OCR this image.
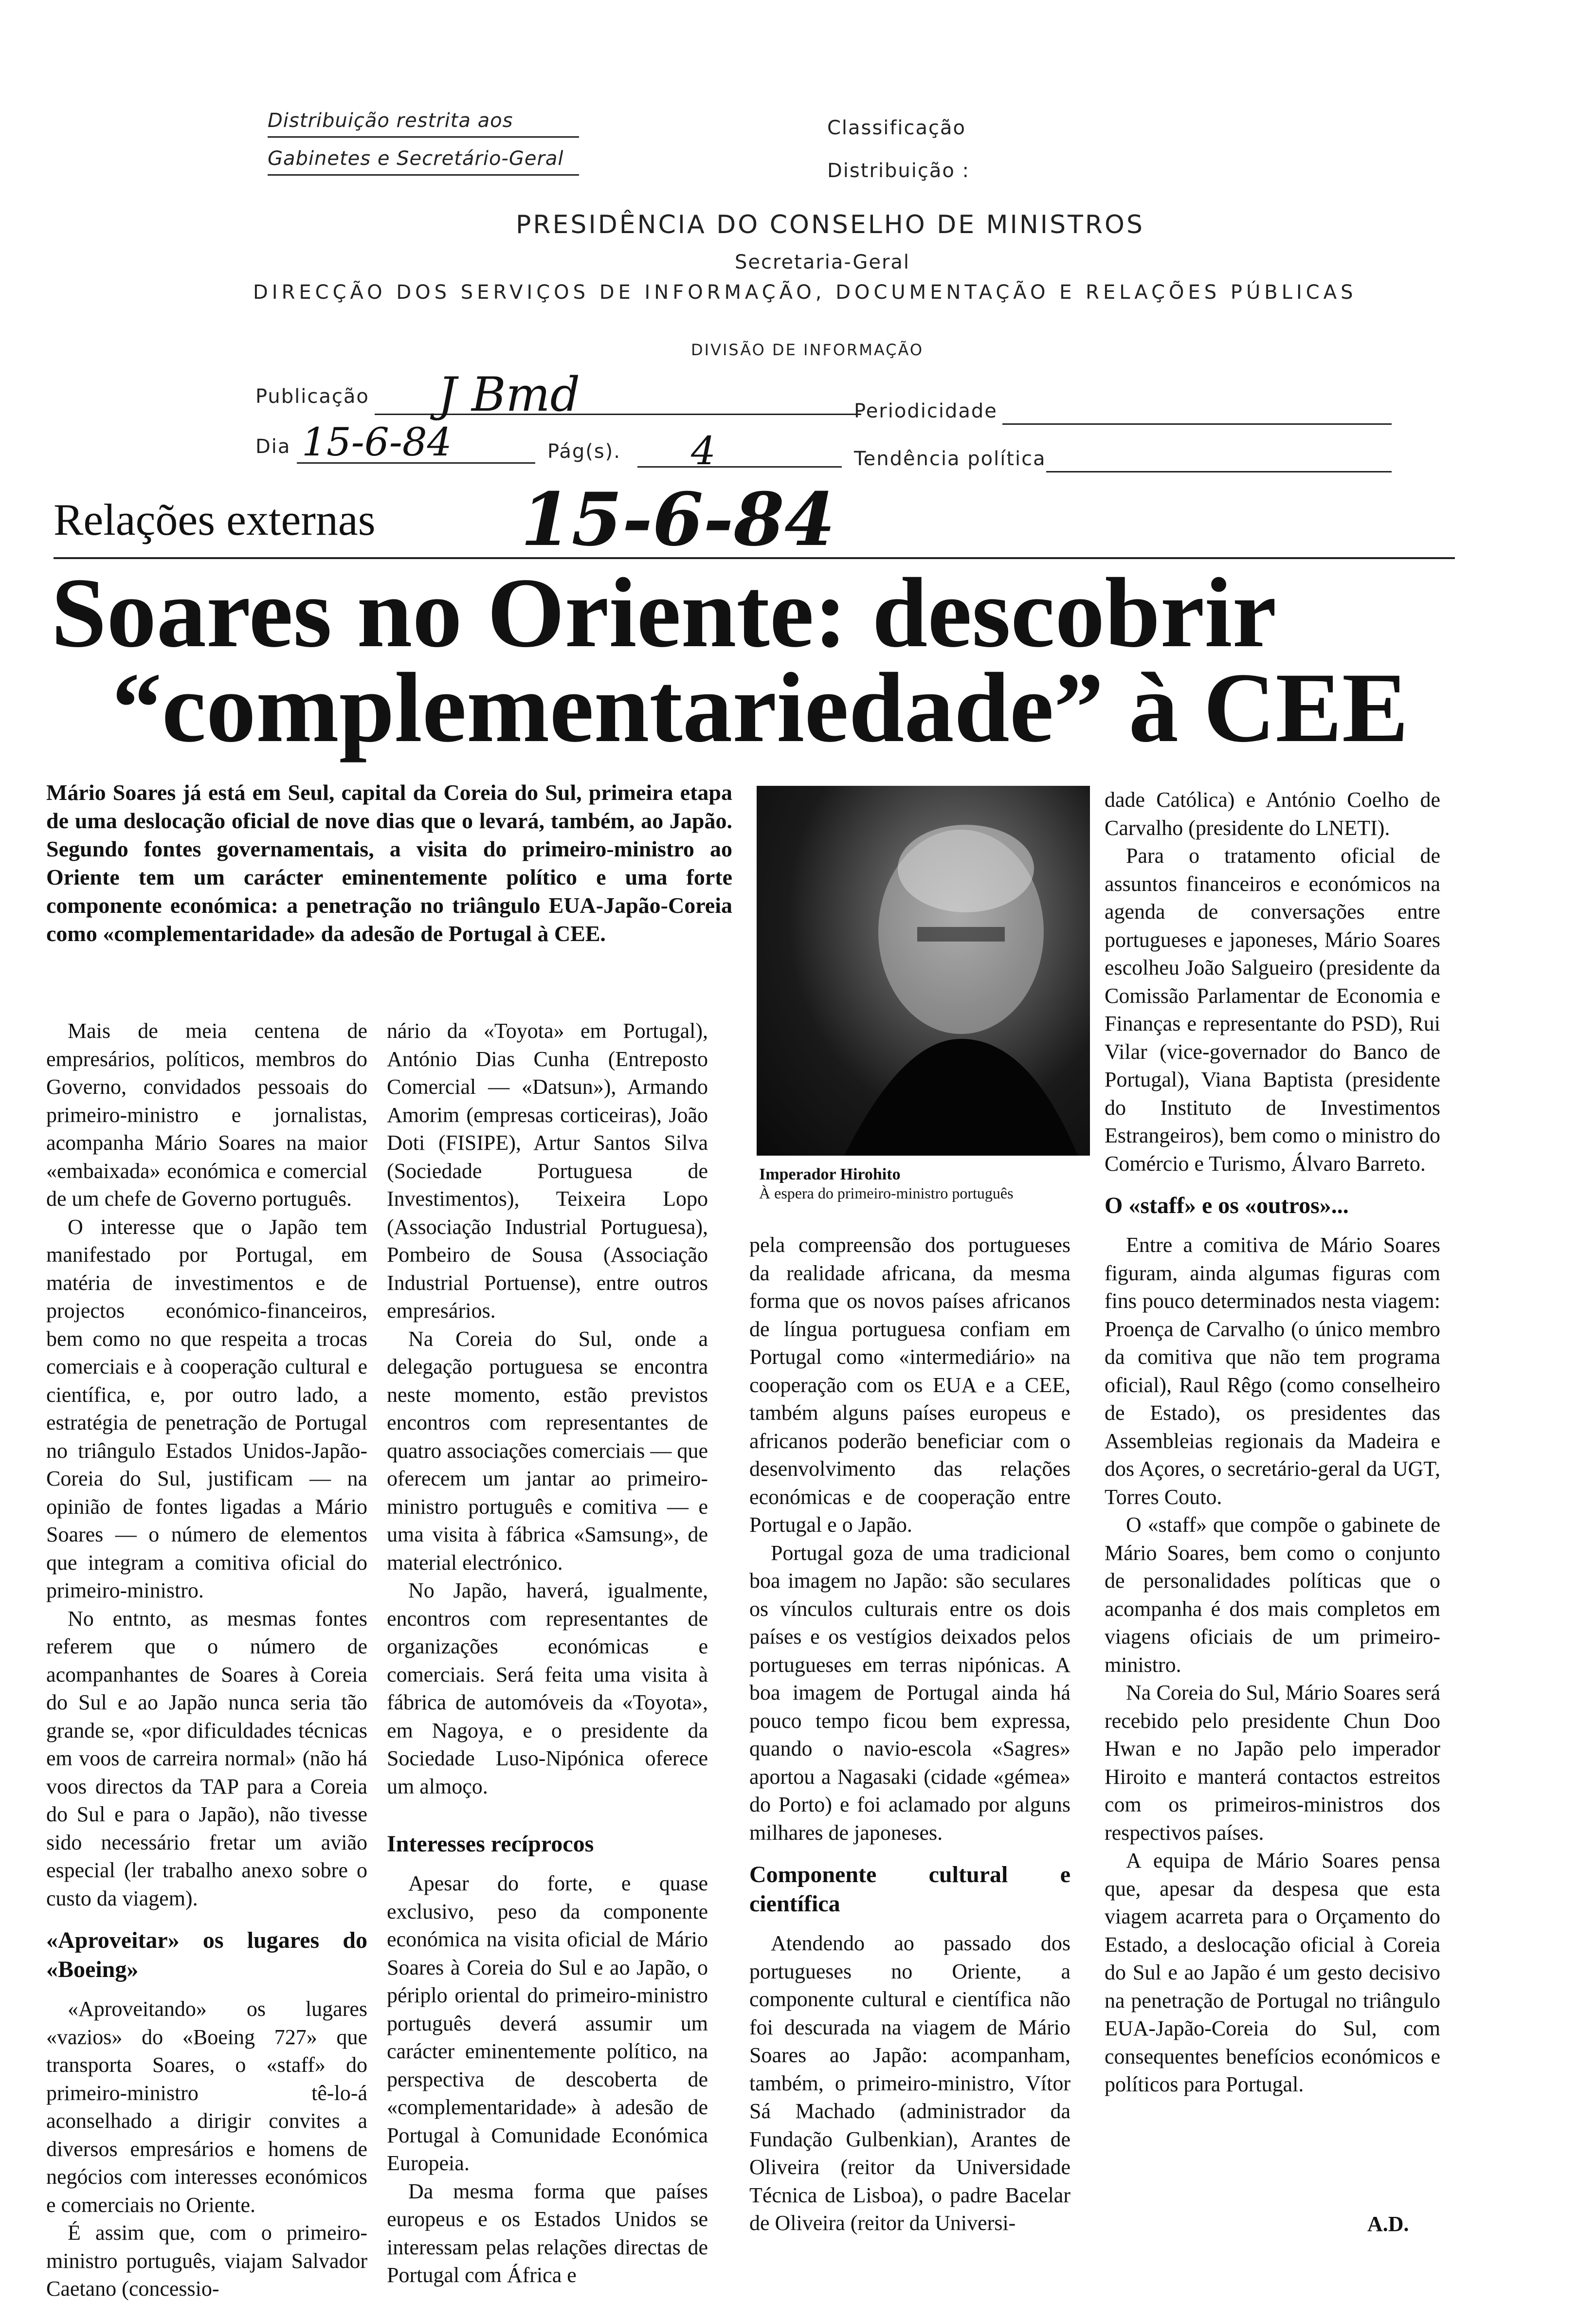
Distribuição restrita aos
Gabinetes e Secretário-Geral
Classificação
Distribuição :
PRESIDÊNCIA DO CONSELHO DE MINISTROS
Secretaria-Geral
DIRECÇÃO DOS SERVIÇOS DE INFORMAÇÃO, DOCUMENTAÇÃO E RELAÇÕES PÚBLICAS
DIVISÃO DE INFORMAÇÃO
Publicação J Bmd	Periodicidade
Dia 15-6-84	Pág(s). 4	Tendência política
Relações externas 15-6-84
Soares no Oriente: descobrir
“complementariedade” à CEE
Mário Soares já está em Seul, capital da Coreia do Sul, primeira etapa de uma deslocação oficial de nove dias que o levará, também, ao Japão. Segundo fontes governamentais, a visita do primeiro-ministro ao Oriente tem um carácter eminentemente político e uma forte componente económica: a penetração no triângulo EUA-Japão-Coreia como «complementaridade» da adesão de Portugal à CEE.
Imperador Hirohito
À espera do primeiro-ministro português

Mais de meia centena de empresários, políticos, membros do Governo, convidados pessoais do primeiro-ministro e jornalistas, acompanha Mário Soares na maior «embaixada» económica e comercial de um chefe de Governo português.

O interesse que o Japão tem manifestado por Portugal, em matéria de investimentos e de projectos económico-financeiros, bem como no que respeita a trocas comerciais e à cooperação cultural e científica, e, por outro lado, a estratégia de penetração de Portugal no triângulo Estados Unidos-Japão-Coreia do Sul, justificam — na opinião de fontes ligadas a Mário Soares — o número de elementos que integram a comitiva oficial do primeiro-ministro.

No entnto, as mesmas fontes referem que o número de acompanhantes de Soares à Coreia do Sul e ao Japão nunca seria tão grande se, «por dificuldades técnicas em voos de carreira normal» (não há voos directos da TAP para a Coreia do Sul e para o Japão), não tivesse sido necessário fretar um avião especial (ler trabalho anexo sobre o custo da viagem).

«Aproveitar» os lugares do «Boeing»

«Aproveitando» os lugares «vazios» do «Boeing 727» que transporta Soares, o «staff» do primeiro-ministro tê-lo-á aconselhado a dirigir convites a diversos empresários e homens de negócios com interesses económicos e comerciais no Oriente.

É assim que, com o primeiro-ministro português, viajam Salvador Caetano (concessio-

nário da «Toyota» em Portugal), António Dias Cunha (Entreposto Comercial — «Datsun»), Armando Amorim (empresas corticeiras), João Doti (FISIPE), Artur Santos Silva (Sociedade Portuguesa de Investimentos), Teixeira Lopo (Associação Industrial Portuguesa), Pombeiro de Sousa (Associação Industrial Portuense), entre outros empresários.

Na Coreia do Sul, onde a delegação portuguesa se encontra neste momento, estão previstos encontros com representantes de quatro associações comerciais — que oferecem um jantar ao primeiro-ministro português e comitiva — e uma visita à fábrica «Samsung», de material electrónico.

No Japão, haverá, igualmente, encontros com representantes de organizações económicas e comerciais. Será feita uma visita à fábrica de automóveis da «Toyota», em Nagoya, e o presidente da Sociedade Luso-Nipónica oferece um almoço.

Interesses recíprocos

Apesar do forte, e quase exclusivo, peso da componente económica na visita oficial de Mário Soares à Coreia do Sul e ao Japão, o périplo oriental do primeiro-ministro português deverá assumir um carácter eminentemente político, na perspectiva de descoberta de «complementaridade» à adesão de Portugal à Comunidade Económica Europeia.

Da mesma forma que países europeus e os Estados Unidos se interessam pelas relações directas de Portugal com África e

pela compreensão dos portugueses da realidade africana, da mesma forma que os novos países africanos de língua portuguesa confiam em Portugal como «intermediário» na cooperação com os EUA e a CEE, também alguns países europeus e africanos poderão beneficiar com o desenvolvimento das relações económicas e de cooperação entre Portugal e o Japão.

Portugal goza de uma tradicional boa imagem no Japão: são seculares os vínculos culturais entre os dois países e os vestígios deixados pelos portugueses em terras nipónicas. A boa imagem de Portugal ainda há pouco tempo ficou bem expressa, quando o navio-escola «Sagres» aportou a Nagasaki (cidade «gémea» do Porto) e foi aclamado por alguns milhares de japoneses.

Componente cultural e científica

Atendendo ao passado dos portugueses no Oriente, a componente cultural e científica não foi descurada na viagem de Mário Soares ao Japão: acompanham, também, o primeiro-ministro, Vítor Sá Machado (administrador da Fundação Gulbenkian), Arantes de Oliveira (reitor da Universidade Técnica de Lisboa), o padre Bacelar de Oliveira (reitor da Universi-

dade Católica) e António Coelho de Carvalho (presidente do LNETI).

Para o tratamento oficial de assuntos financeiros e económicos na agenda de conversações entre portugueses e japoneses, Mário Soares escolheu João Salgueiro (presidente da Comissão Parlamentar de Economia e Finanças e representante do PSD), Rui Vilar (vice-governador do Banco de Portugal), Viana Baptista (presidente do Instituto de Investimentos Estrangeiros), bem como o ministro do Comércio e Turismo, Álvaro Barreto.

O «staff» e os «outros»...

Entre a comitiva de Mário Soares figuram, ainda algumas figuras com fins pouco determinados nesta viagem: Proença de Carvalho (o único membro da comitiva que não tem programa oficial), Raul Rêgo (como conselheiro de Estado), os presidentes das Assembleias regionais da Madeira e dos Açores, o secretário-geral da UGT, Torres Couto.

O «staff» que compõe o gabinete de Mário Soares, bem como o conjunto de personalidades políticas que o acompanha é dos mais completos em viagens oficiais de um primeiro-ministro.

Na Coreia do Sul, Mário Soares será recebido pelo presidente Chun Doo Hwan e no Japão pelo imperador Hiroito e manterá contactos estreitos com os primeiros-ministros dos respectivos países.

A equipa de Mário Soares pensa que, apesar da despesa que esta viagem acarreta para o Orçamento do Estado, a deslocação oficial à Coreia do Sul e ao Japão é um gesto decisivo na penetração de Portugal no triângulo EUA-Japão-Coreia do Sul, com consequentes benefícios económicos e políticos para Portugal.

A.D.
